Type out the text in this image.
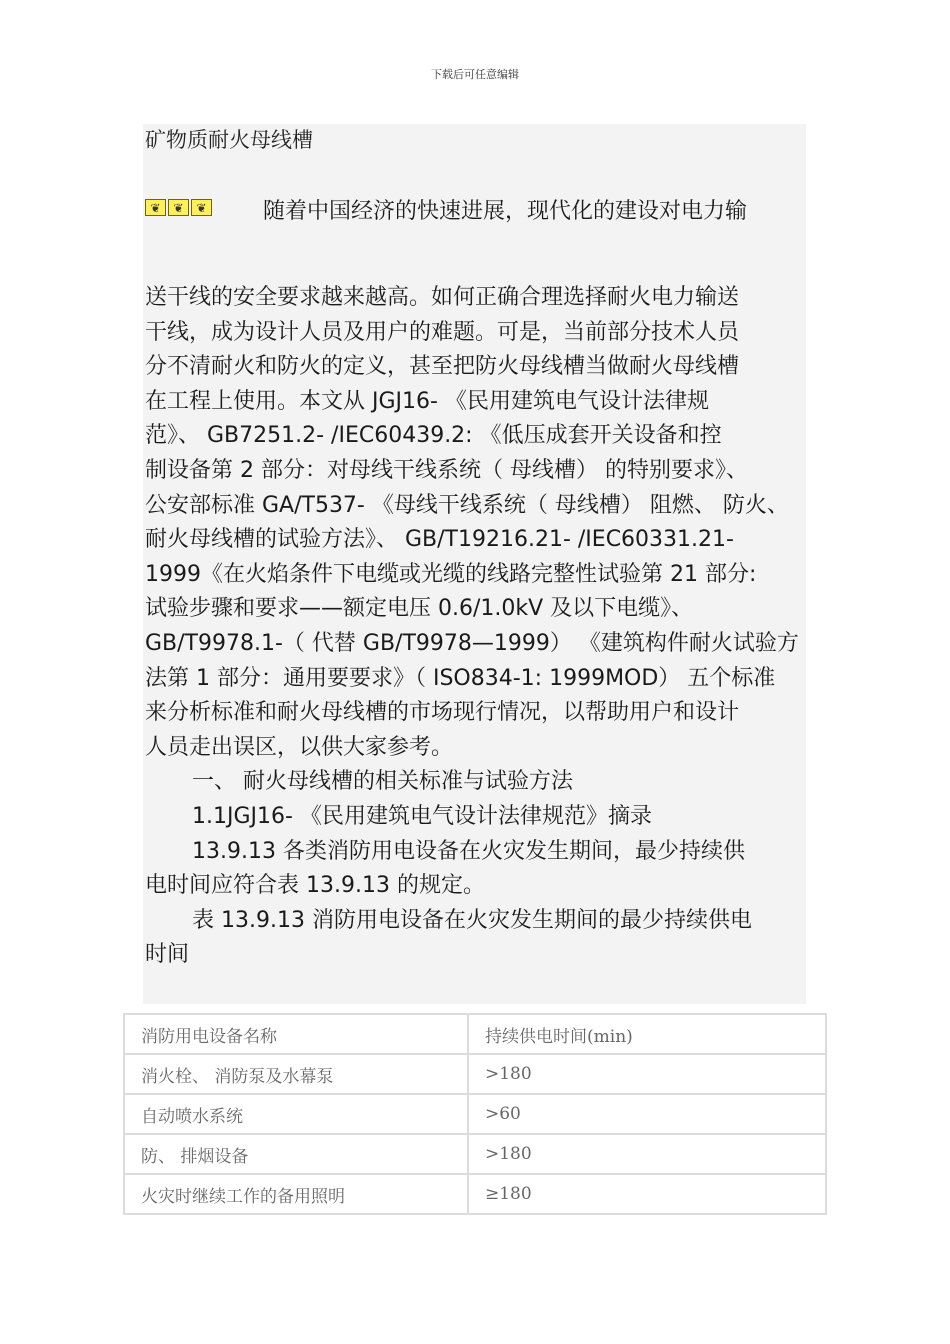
下载后可任意编辑
矿物质耐火母线槽
❦	❦	❦	随着中国经济的快速进展，现代化的建设对电力输
送干线的安全要求越来越高。如何正确合理选择耐火电力输送
干线，成为设计人员及用户的难题。可是，当前部分技术人员
分不清耐火和防火的定义，甚至把防火母线槽当做耐火母线槽
在工程上使用。本文从 JGJ16- 《民用建筑电气设计法律规
范》、 GB7251.2- /IEC60439.2: 《低压成套开关设备和控
制设备第 2 部分：对母线干线系统（ 母线槽） 的特别要求》、
公安部标准 GA/T537- 《母线干线系统（ 母线槽） 阻燃、 防火、
耐火母线槽的试验方法》、 GB/T19216.21- /IEC60331.21-
1999《在火焰条件下电缆或光缆的线路完整性试验第 21 部分:
试验步骤和要求——额定电压 0.6/1.0kV 及以下电缆》、
GB/T9978.1-（ 代替 GB/T9978—1999） 《建筑构件耐火试验方
法第 1 部分：通用要要求》（ ISO834-1: 1999MOD） 五个标准
来分析标准和耐火母线槽的市场现行情况，以帮助用户和设计
人员走出误区，以供大家参考。
一、 耐火母线槽的相关标准与试验方法
1.1JGJ16- 《民用建筑电气设计法律规范》摘录
13.9.13 各类消防用电设备在火灾发生期间，最少持续供
电时间应符合表 13.9.13 的规定。
表 13.9.13 消防用电设备在火灾发生期间的最少持续供电
时间
消防用电设备名称	持续供电时间(min)
消火栓、 消防泵及水幕泵	>180
自动喷水系统	>60
防、 排烟设备	>180
火灾时继续工作的备用照明	≥180
